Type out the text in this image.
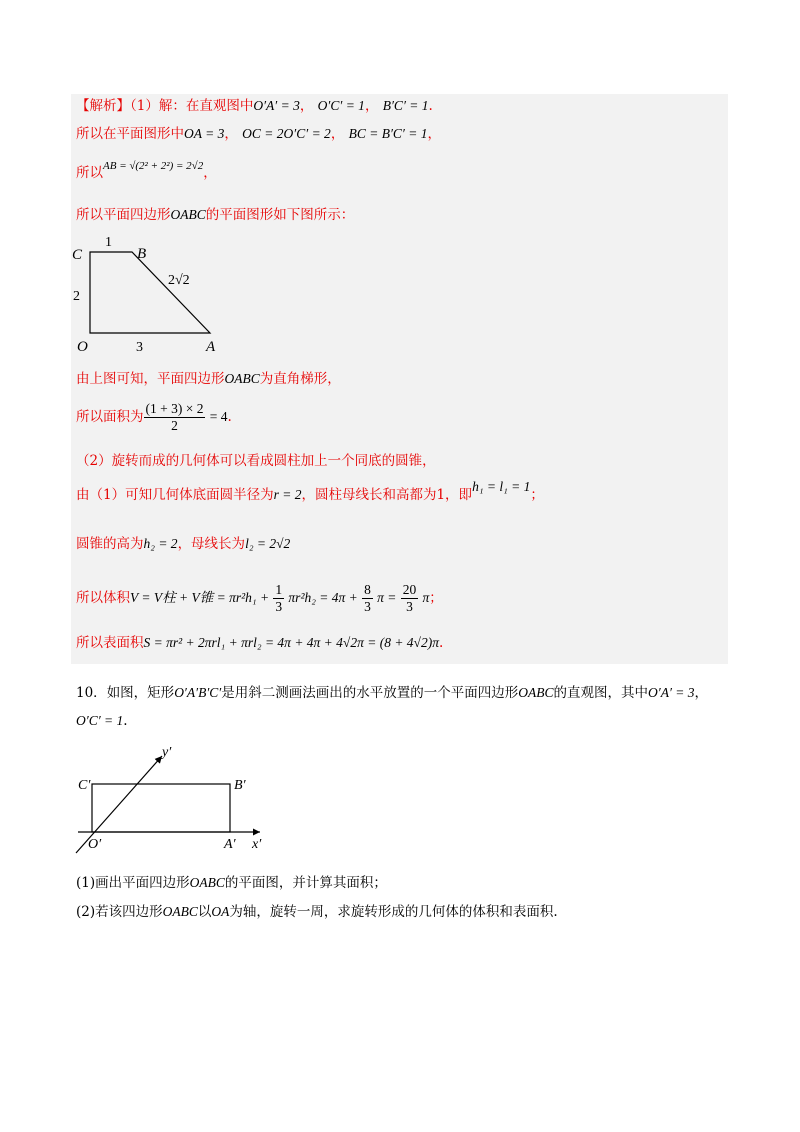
【解析】（1）解：在直观图中O′A′ = 3， O′C′ = 1， B′C′ = 1.
所以在平面图形中OA = 3， OC = 2O′C′ = 2， BC = B′C′ = 1，
所以$^{AB = √(2^2 + 2^2) = 2√2}$，
所以平面四边形OABC的平面图形如下图所示：
C	B
O	A
1
2
3
2√2
由上图可知，平面四边形OABC为直角梯形，
所以面积为 $\frac{(1 + 3) \times 2}{2} = 4$.
（2）旋转而成的几何体可以看成圆柱加上一个同底的圆锥，
由（1）可知几何体底面圆半径为r = 2，圆柱母线长和高都为1，即h₁ = l₁ = 1；
圆锥的高为h₂ = 2，母线长为l₂ = 2√2
所以体积V = V柱 + V锥 = $\pi r^2h_1 + \frac{1}{3} \pi r^2h_2 = 4\pi + \frac{8}{3}$ $\pi = \frac{20}{3}$ π；
所以表面积S = πr² + 2πrl₁ + πrl₂ = 4π + 4π + 4√2π = (8 + 4√2)π.
10．如图，矩形O′A′B′C′是用斜二测画法画出的水平放置的一个平面四边形OABC的直观图，其中O′A′ = 3，
O′C′ = 1.
C′	B′
O′	A′ x′
y′
(1)画出平面四边形OABC的平面图，并计算其面积；
(2)若该四边形OABC以OA为轴，旋转一周，求旋转形成的几何体的体积和表面积.
